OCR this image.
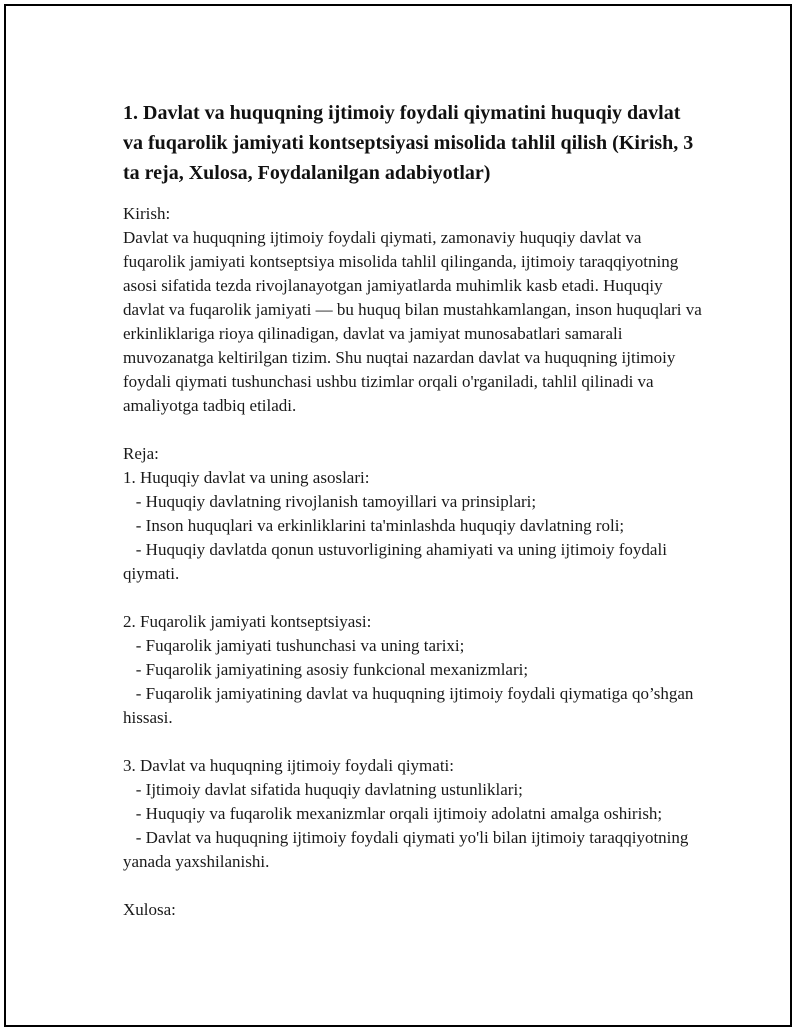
1. Davlat va huquqning ijtimoiy foydali qiymatini huquqiy davlat va fuqarolik jamiyati kontseptsiyasi misolida tahlil qilish (Kirish, 3 ta reja, Xulosa, Foydalanilgan adabiyotlar)

Kirish:

Davlat va huquqning ijtimoiy foydali qiymati, zamonaviy huquqiy davlat va fuqarolik jamiyati kontseptsiya misolida tahlil qilinganda, ijtimoiy taraqqiyotning asosi sifatida tezda rivojlanayotgan jamiyatlarda muhimlik kasb etadi. Huquqiy davlat va fuqarolik jamiyati — bu huquq bilan mustahkamlangan, inson huquqlari va erkinliklariga rioya qilinadigan, davlat va jamiyat munosabatlari samarali muvozanatga keltirilgan tizim. Shu nuqtai nazardan davlat va huquqning ijtimoiy foydali qiymati tushunchasi ushbu tizimlar orqali o'rganiladi, tahlil qilinadi va amaliyotga tadbiq etiladi.

Reja:

1. Huquqiy davlat va uning asoslari:

- Huquqiy davlatning rivojlanish tamoyillari va prinsiplari;

- Inson huquqlari va erkinliklarini ta'minlashda huquqiy davlatning roli;

- Huquqiy davlatda qonun ustuvorligining ahamiyati va uning ijtimoiy foydali qiymati.

2. Fuqarolik jamiyati kontseptsiyasi:

- Fuqarolik jamiyati tushunchasi va uning tarixi;

- Fuqarolik jamiyatining asosiy funkcional mexanizmlari;

- Fuqarolik jamiyatining davlat va huquqning ijtimoiy foydali qiymatiga qo’shgan hissasi.

3. Davlat va huquqning ijtimoiy foydali qiymati:

- Ijtimoiy davlat sifatida huquqiy davlatning ustunliklari;

- Huquqiy va fuqarolik mexanizmlar orqali ijtimoiy adolatni amalga oshirish;

- Davlat va huquqning ijtimoiy foydali qiymati yo'li bilan ijtimoiy taraqqiyotning yanada yaxshilanishi.

Xulosa:
